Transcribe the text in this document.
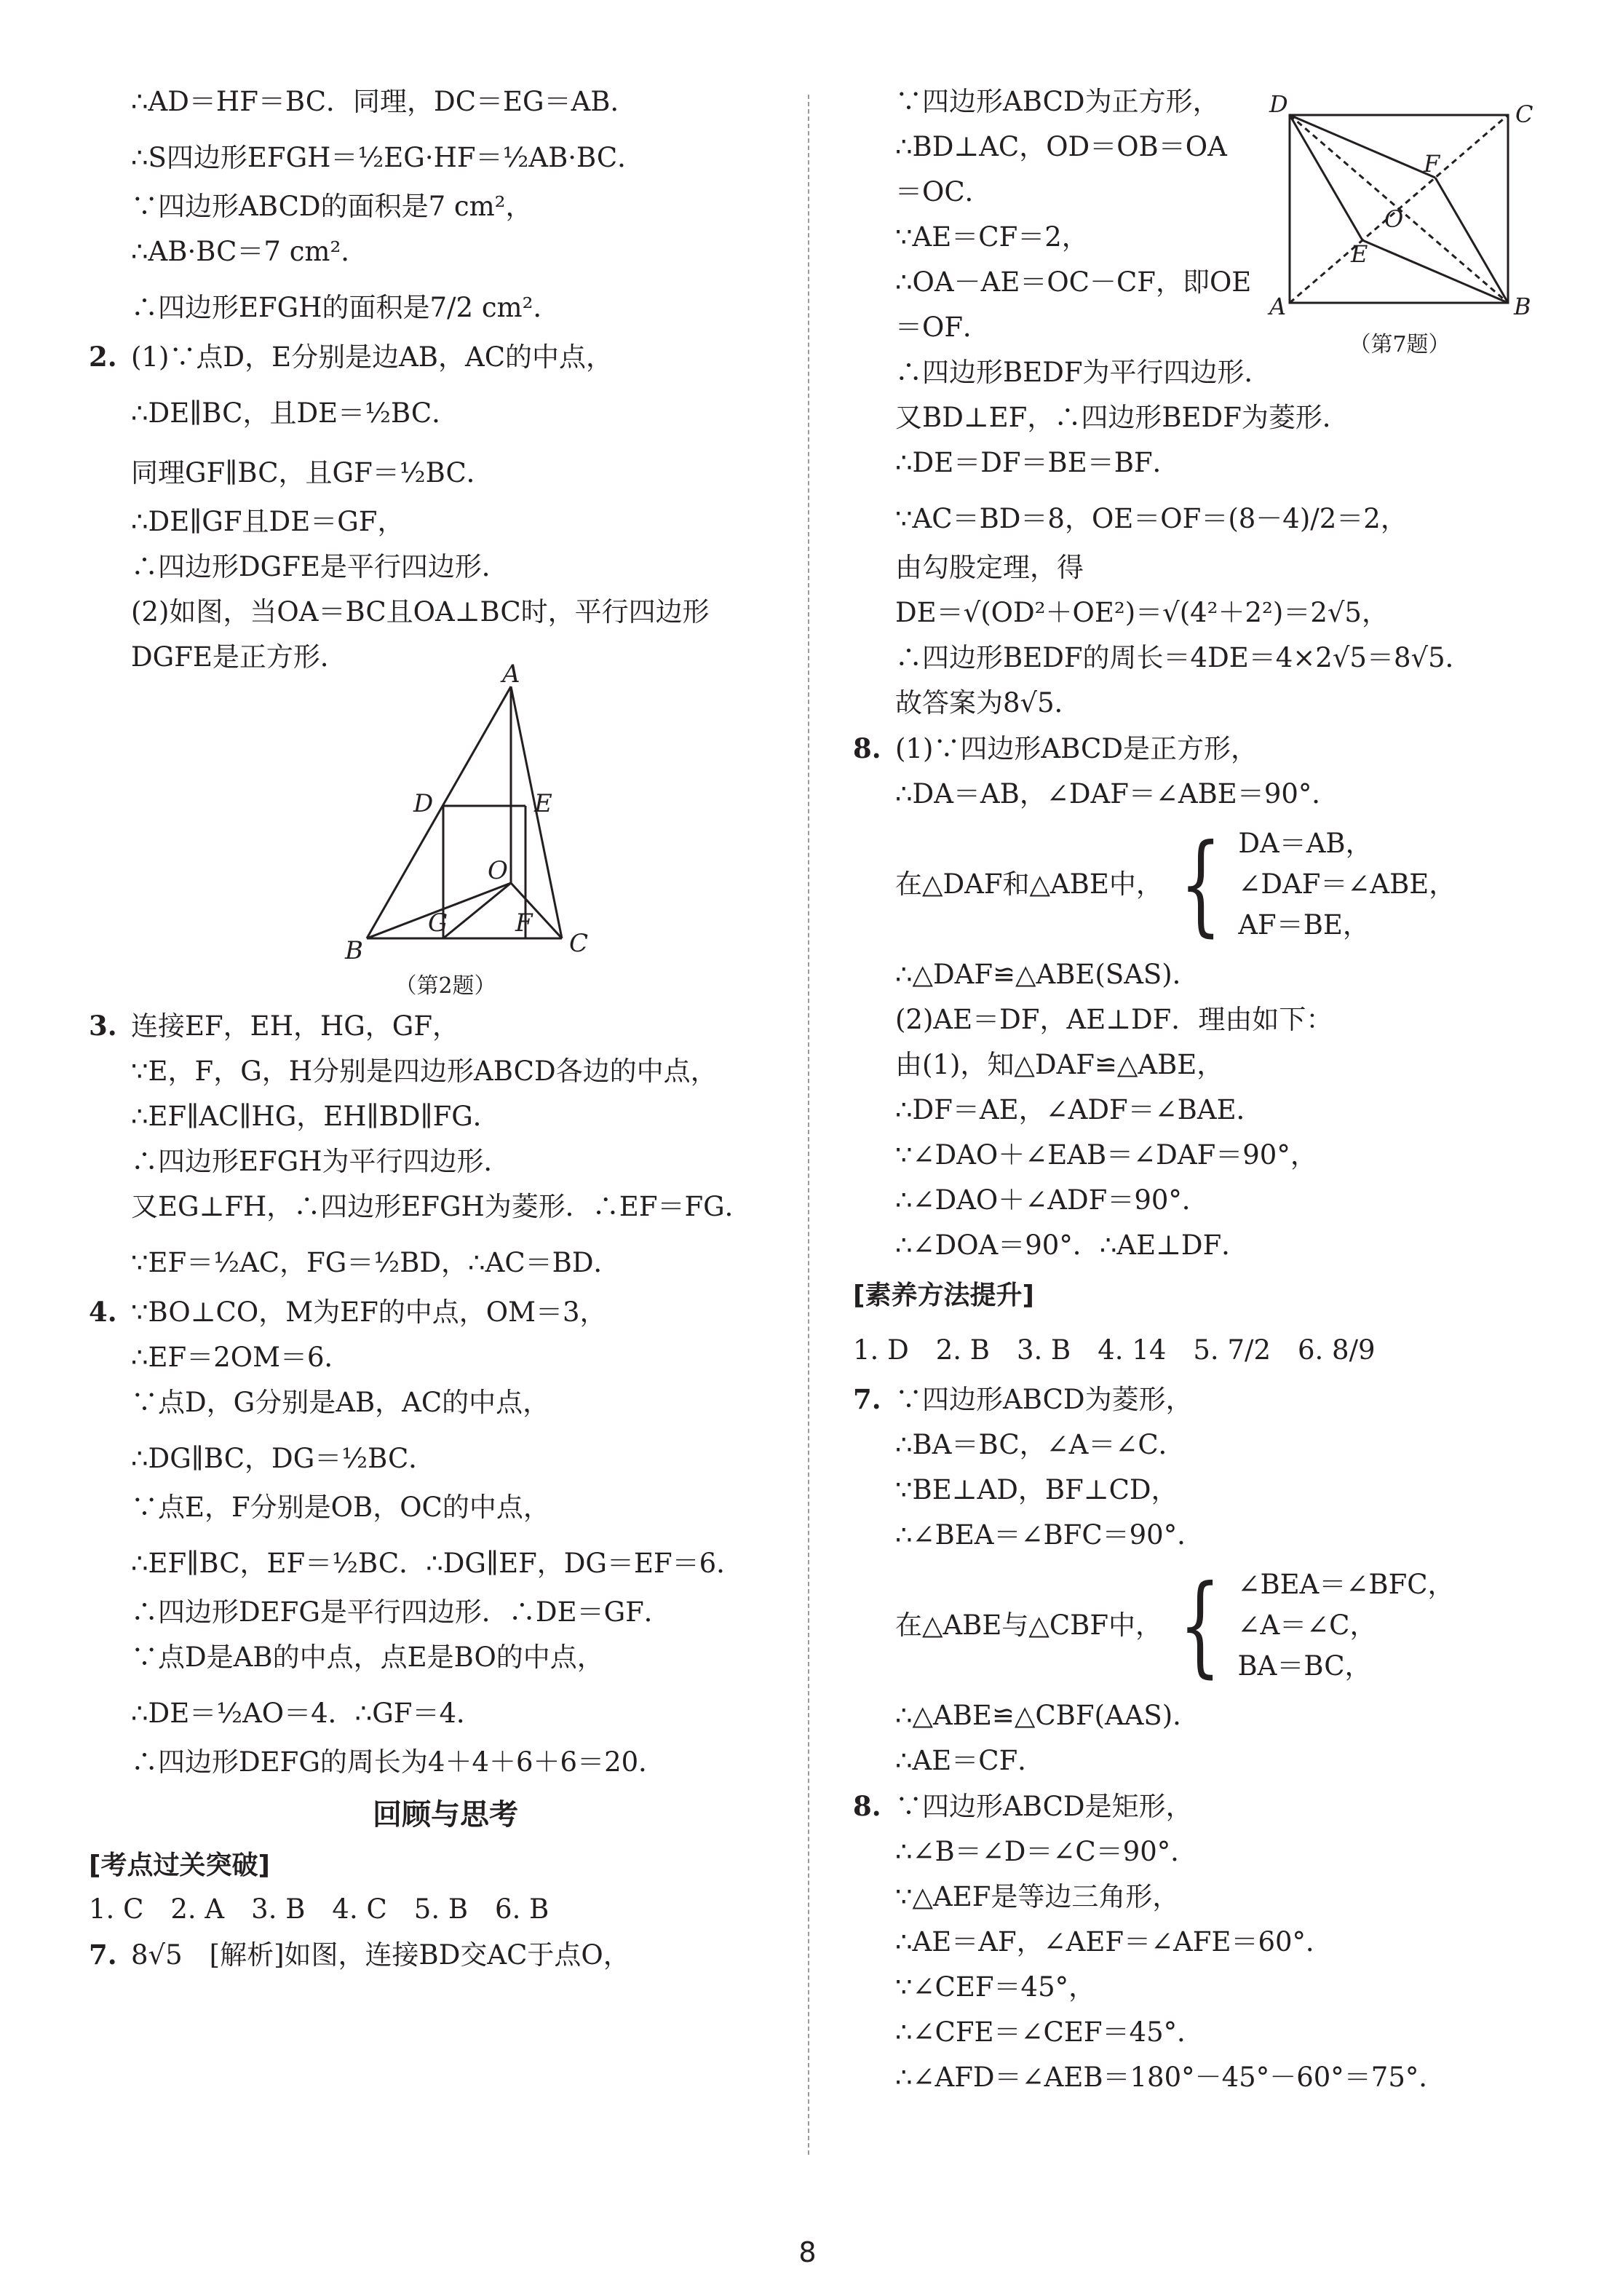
∴AD＝HF＝BC．同理，DC＝EG＝AB．
∴S四边形EFGH＝½EG·HF＝½AB·BC．
∵四边形ABCD的面积是7 cm²，
∴AB·BC＝7 cm²．
∴四边形EFGH的面积是7/2 cm²．
2. (1)∵点D，E分别是边AB，AC的中点，
∴DE∥BC，且DE＝½BC．
同理GF∥BC，且GF＝½BC．
∴DE∥GF且DE＝GF，
∴四边形DGFE是平行四边形．
(2)如图，当OA＝BC且OA⊥BC时，平行四边形
DGFE是正方形．
A
D	E
O
B
G	F
C
（第2题）
3. 连接EF，EH，HG，GF，
∵E，F，G，H分别是四边形ABCD各边的中点，
∴EF∥AC∥HG，EH∥BD∥FG．
∴四边形EFGH为平行四边形．
又EG⊥FH，∴四边形EFGH为菱形．∴EF＝FG．
∵EF＝½AC，FG＝½BD，∴AC＝BD．
4. ∵BO⊥CO，M为EF的中点，OM＝3，
∴EF＝2OM＝6．
∵点D，G分别是AB，AC的中点，
∴DG∥BC，DG＝½BC．
∵点E，F分别是OB，OC的中点，
∴EF∥BC，EF＝½BC．∴DG∥EF，DG＝EF＝6．
∴四边形DEFG是平行四边形．∴DE＝GF．
∵点D是AB的中点，点E是BO的中点，
∴DE＝½AO＝4．∴GF＝4．
∴四边形DEFG的周长为4＋4＋6＋6＝20．
回顾与思考
[考点过关突破]
1. C　2. A　3. B　4. C　5. B　6. B
7. 8√5　[解析]如图，连接BD交AC于点O，
D	C
F
O
E
A	B
（第7题）
∵四边形ABCD为正方形，
∴BD⊥AC，OD＝OB＝OA
＝OC．
∵AE＝CF＝2，
∴OA－AE＝OC－CF，即OE
＝OF．
∴四边形BEDF为平行四边形．
又BD⊥EF，∴四边形BEDF为菱形．
∴DE＝DF＝BE＝BF．
∵AC＝BD＝8，OE＝OF＝(8－4)/2＝2，
由勾股定理，得
DE＝√(OD²＋OE²)＝√(4²＋2²)＝2√5，
∴四边形BEDF的周长＝4DE＝4×2√5＝8√5．
故答案为8√5．
8. (1)∵四边形ABCD是正方形，
∴DA＝AB，∠DAF＝∠ABE＝90°．
在△DAF和△ABE中， { DA＝AB，
∠DAF＝∠ABE，
AF＝BE，
∴△DAF≌△ABE(SAS)．
(2)AE＝DF，AE⊥DF．理由如下：
由(1)，知△DAF≌△ABE，
∴DF＝AE，∠ADF＝∠BAE．
∵∠DAO＋∠EAB＝∠DAF＝90°，
∴∠DAO＋∠ADF＝90°．
∴∠DOA＝90°．∴AE⊥DF．
[素养方法提升]
1. D　2. B　3. B　4. 14　5. 7/2　6. 8/9
7. ∵四边形ABCD为菱形，
∴BA＝BC，∠A＝∠C．
∵BE⊥AD，BF⊥CD，
∴∠BEA＝∠BFC＝90°．
在△ABE与△CBF中， { ∠BEA＝∠BFC，
∠A＝∠C，
BA＝BC，
∴△ABE≌△CBF(AAS)．
∴AE＝CF．
8. ∵四边形ABCD是矩形，
∴∠B＝∠D＝∠C＝90°．
∵△AEF是等边三角形，
∴AE＝AF，∠AEF＝∠AFE＝60°．
∵∠CEF＝45°，
∴∠CFE＝∠CEF＝45°．
∴∠AFD＝∠AEB＝180°－45°－60°＝75°．
8
